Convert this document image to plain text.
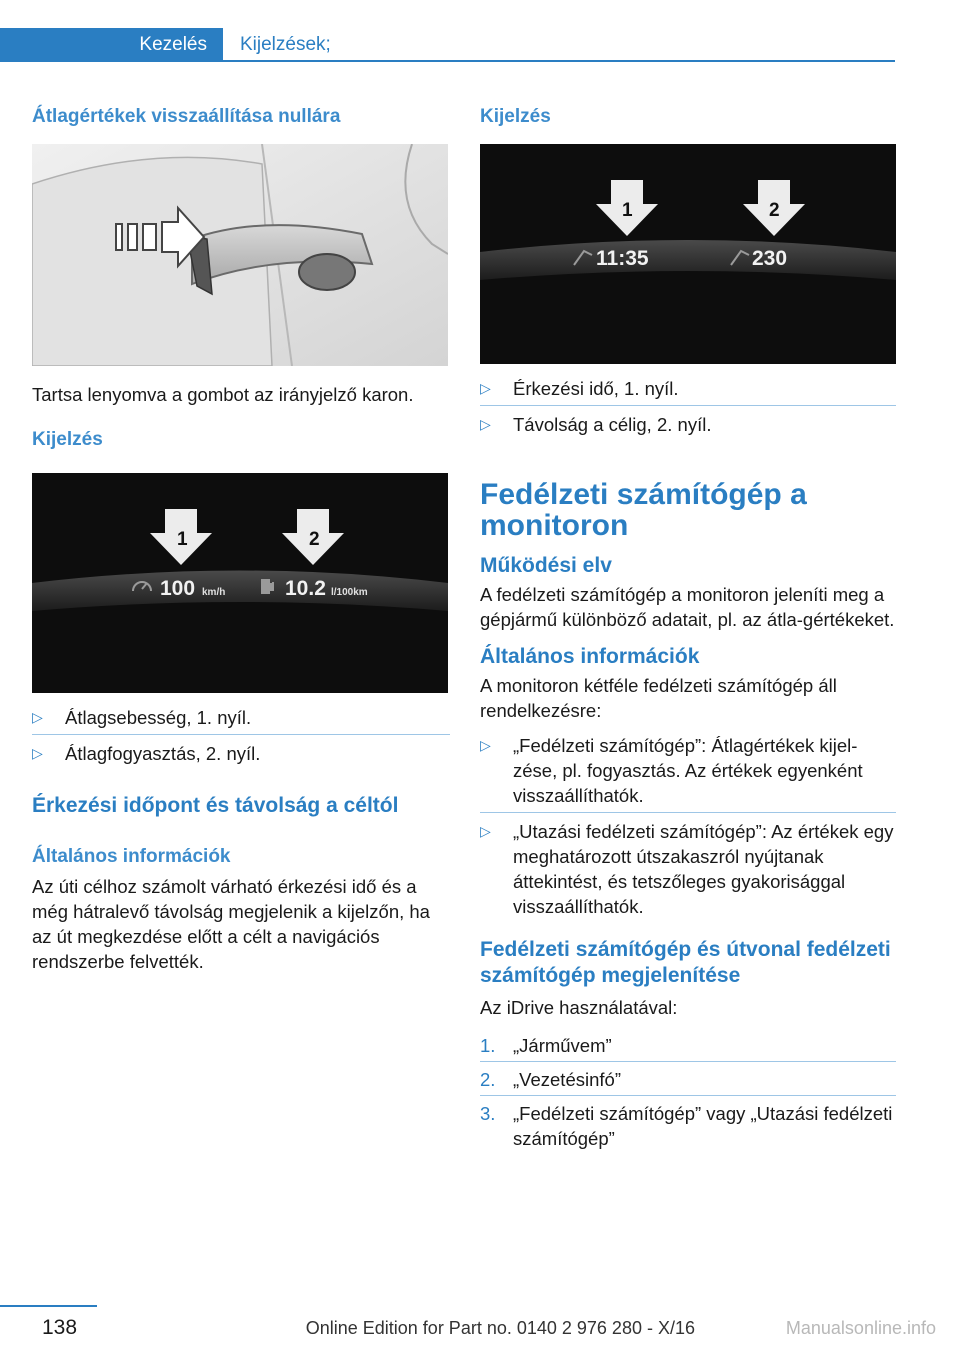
Kezelés Kijelzések;
Átlagértékek visszaállítása nullára

Tartsa lenyomva a gombot az irányjelző karon.

Kijelzés
1	2
100 km/h	10.2 l/100km
▷ Átlagsebesség, 1. nyíl.
▷ Átlagfogyasztás, 2. nyíl.
Érkezési időpont és távolság a céltól
Általános információk

Az úti célhoz számolt várható érkezési idő és a még hátralevő távolság megjelenik a kijelzőn, ha az út megkezdése előtt a célt a navigációs rendszerbe felvették.

Kijelzés
1	2
11:35	230
▷ Érkezési idő, 1. nyíl.
▷ Távolság a célig, 2. nyíl.
Fedélzeti számítógép a monitoron
Működési elv

A fedélzeti számítógép a monitoron jeleníti meg a gépjármű különböző adatait, pl. az átla-gértékeket.

Általános információk

A monitoron kétféle fedélzeti számítógép áll rendelkezésre:

▷ „Fedélzeti számítógép”: Átlagértékek kijel-zése, pl. fogyasztás. Az értékek egyenként visszaállíthatók.
▷ „Utazási fedélzeti számítógép”: Az értékek egy meghatározott útszakaszról nyújtanak áttekintést, és tetszőleges gyakorisággal visszaállíthatók.
Fedélzeti számítógép és útvonal fedélzeti számítógép megjelenítése

Az iDrive használatával:

1. „Járművem”
2. „Vezetésinfó”
3. „Fedélzeti számítógép” vagy „Utazási fedélzeti számítógép”
138	Online Edition for Part no. 0140 2 976 280 - X/16	Manualsonline.info
